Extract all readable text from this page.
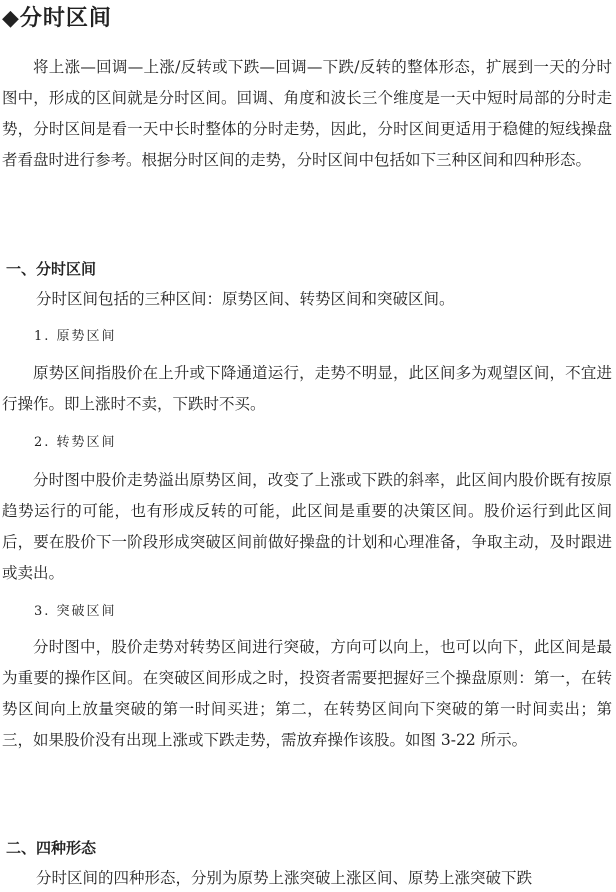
◆分时区间

将上涨—回调—上涨/反转或下跌—回调—下跌/反转的整体形态，扩展到一天的分时图中，形成的区间就是分时区间。回调、角度和波长三个维度是一天中短时局部的分时走势，分时区间是看一天中长时整体的分时走势，因此，分时区间更适用于稳健的短线操盘者看盘时进行参考。根据分时区间的走势，分时区间中包括如下三种区间和四种形态。

一、分时区间
分时区间包括的三种区间：原势区间、转势区间和突破区间。
1. 原势区间

原势区间指股价在上升或下降通道运行，走势不明显，此区间多为观望区间，不宜进行操作。即上涨时不卖，下跌时不买。

2. 转势区间

分时图中股价走势溢出原势区间，改变了上涨或下跌的斜率，此区间内股价既有按原趋势运行的可能，也有形成反转的可能，此区间是重要的决策区间。股价运行到此区间后，要在股价下一阶段形成突破区间前做好操盘的计划和心理准备，争取主动，及时跟进或卖出。

3. 突破区间

分时图中，股价走势对转势区间进行突破，方向可以向上，也可以向下，此区间是最为重要的操作区间。在突破区间形成之时，投资者需要把握好三个操盘原则：第一，在转势区间向上放量突破的第一时间买进；第二，在转势区间向下突破的第一时间卖出；第三，如果股价没有出现上涨或下跌走势，需放弃操作该股。如图 3-22 所示。

二、四种形态
分时区间的四种形态，分别为原势上涨突破上涨区间、原势上涨突破下跌
